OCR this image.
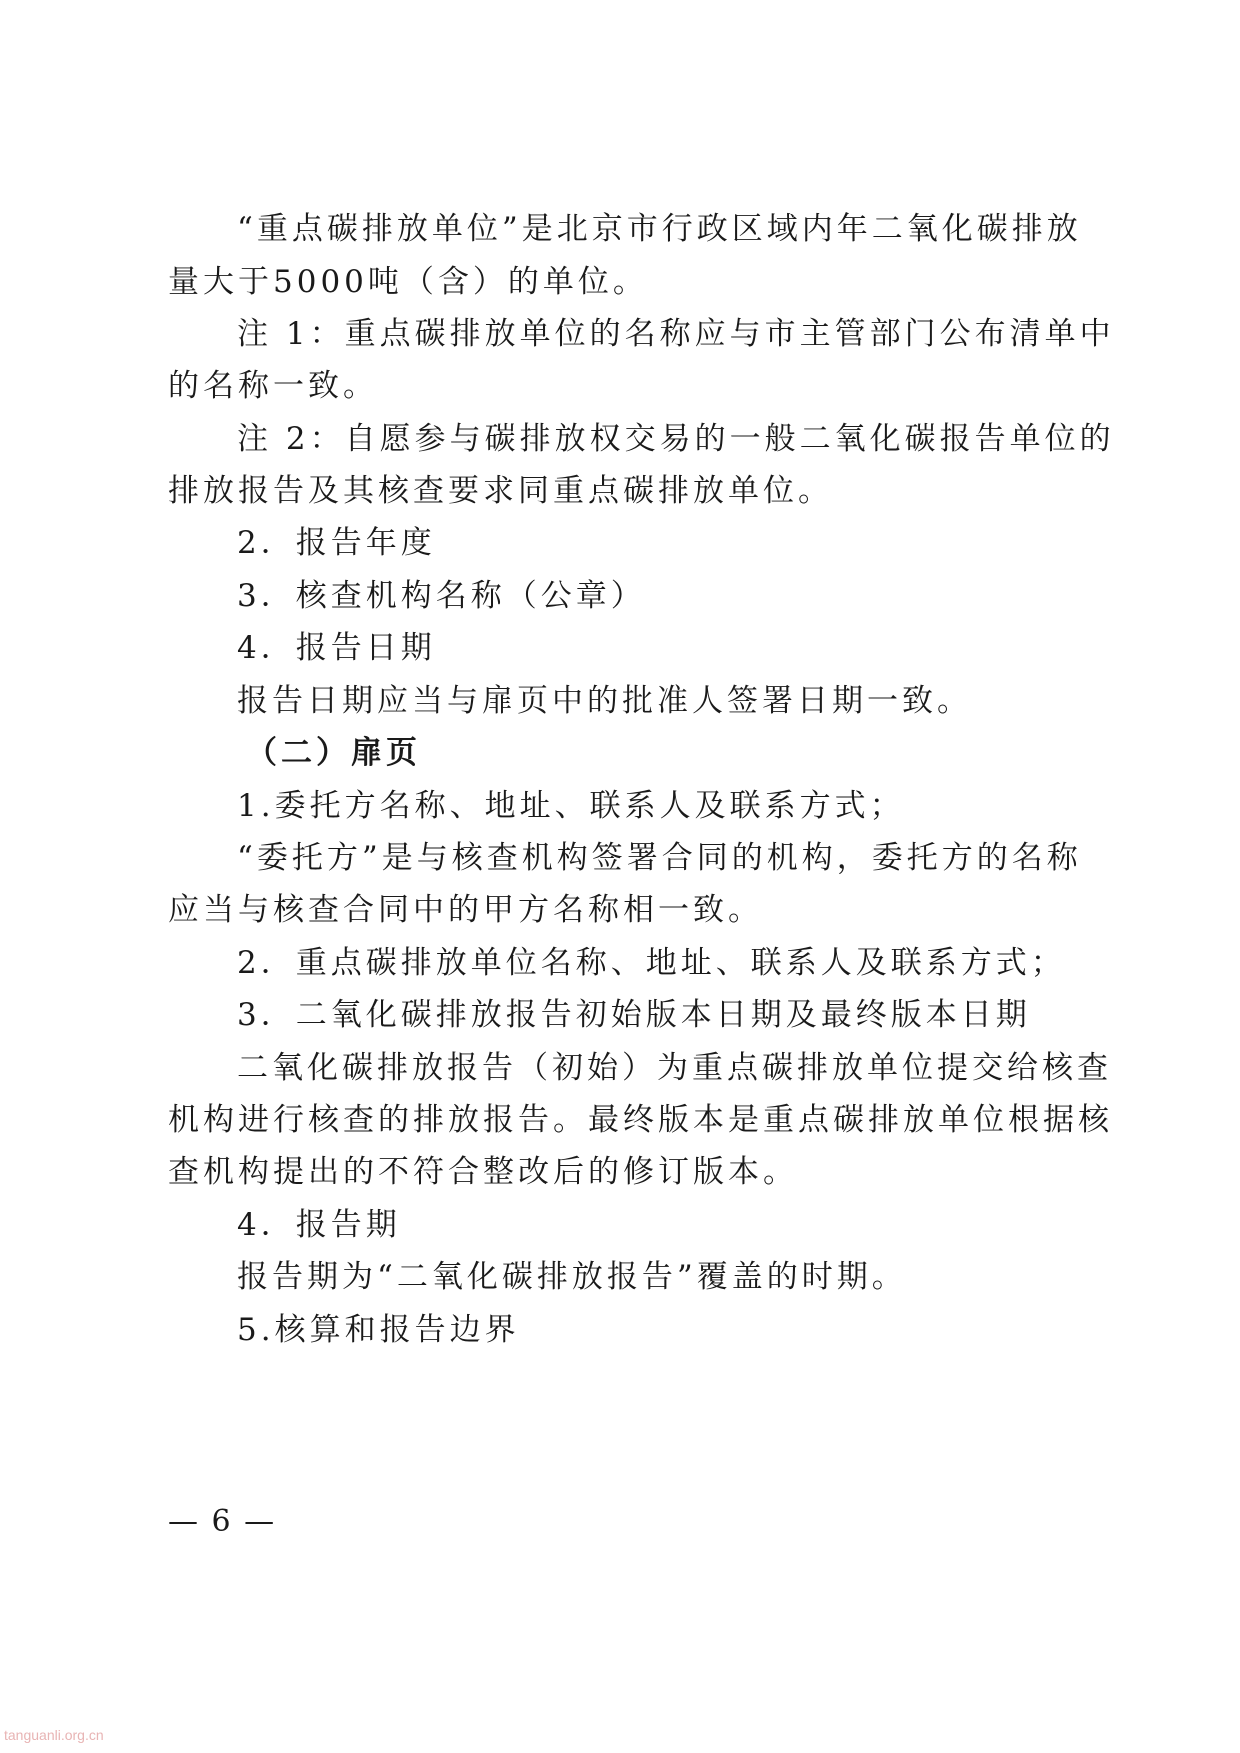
“重点碳排放单位”是北京市行政区域内年二氧化碳排放
量大于5000吨（含）的单位。
注 1：重点碳排放单位的名称应与市主管部门公布清单中
的名称一致。
注 2：自愿参与碳排放权交易的一般二氧化碳报告单位的
排放报告及其核查要求同重点碳排放单位。
2．报告年度
3．核查机构名称（公章）
4．报告日期
报告日期应当与扉页中的批准人签署日期一致。
（二）扉页
1.委托方名称、地址、联系人及联系方式；
“委托方”是与核查机构签署合同的机构，委托方的名称
应当与核查合同中的甲方名称相一致。
2．重点碳排放单位名称、地址、联系人及联系方式；
3．二氧化碳排放报告初始版本日期及最终版本日期
二氧化碳排放报告（初始）为重点碳排放单位提交给核查
机构进行核查的排放报告。最终版本是重点碳排放单位根据核
查机构提出的不符合整改后的修订版本。
4．报告期
报告期为“二氧化碳排放报告”覆盖的时期。
5.核算和报告边界
— 6 —
tanguanli.org.cn
